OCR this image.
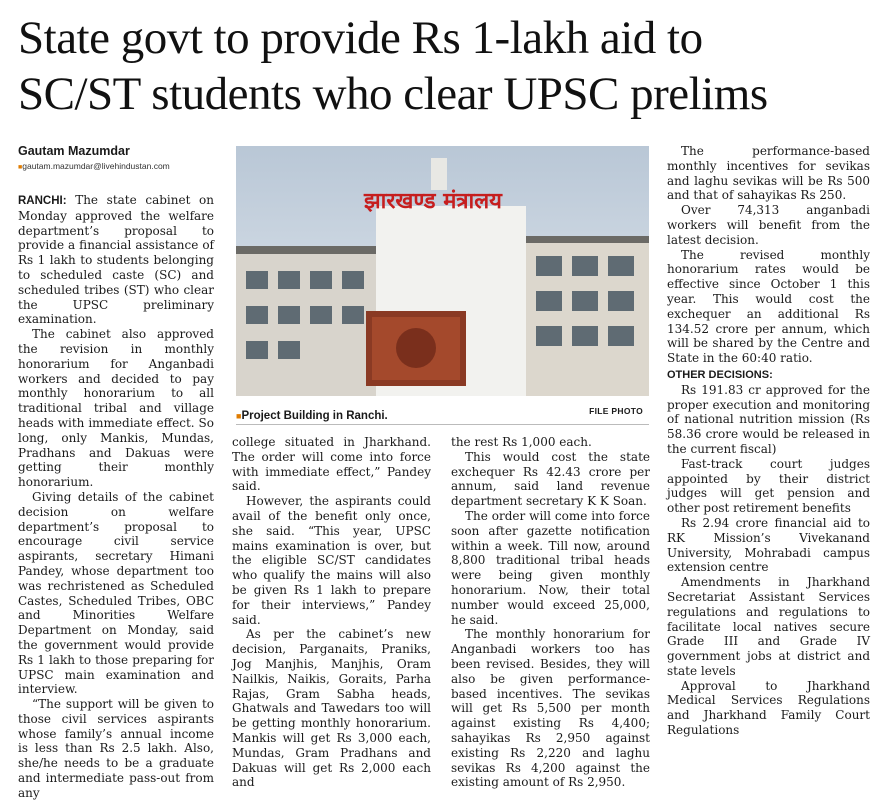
State govt to provide Rs 1-lakh aid to
SC/ST students who clear UPSC prelims
Gautam Mazumdar
■ gautam.mazumdar@livehindustan.com

RANCHI: The state cabinet on Monday approved the welfare department’s proposal to provide a financial assistance of Rs 1 lakh to students belonging to scheduled caste (SC) and scheduled tribes (ST) who clear the UPSC preliminary examination.

The cabinet also approved the revision in monthly honorarium for Anganbadi workers and decided to pay monthly honorarium to all traditional tribal and village heads with immediate effect. So long, only Mankis, Mundas, Pradhans and Dakuas were getting their monthly honorarium.

Giving details of the cabinet decision on welfare department’s proposal to encourage civil service aspirants, secretary Himani Pandey, whose department too was rechristened as Scheduled Castes, Scheduled Tribes, OBC and Minorities Welfare Department on Monday, said the government would provide Rs 1 lakh to those preparing for UPSC main examination and interview.

“The support will be given to those civil services aspirants whose family’s annual income is less than Rs 2.5 lakh. Also, she/he needs to be a graduate and intermediate pass-out from any

झारखण्ड मंत्रालय
■ Project Building in Ranchi.	FILE PHOTO

college situated in Jharkhand. The order will come into force with immediate effect,” Pandey said.

However, the aspirants could avail of the benefit only once, she said. “This year, UPSC mains examination is over, but the eligible SC/ST candidates who qualify the mains will also be given Rs 1 lakh to prepare for their interviews,” Pandey said.

As per the cabinet’s new decision, Parganaits, Praniks, Jog Manjhis, Manjhis, Oram Nailkis, Naikis, Goraits, Parha Rajas, Gram Sabha heads, Ghatwals and Tawedars too will be getting monthly honorarium. Mankis will get Rs 3,000 each, Mundas, Gram Pradhans and Dakuas will get Rs 2,000 each and

the rest Rs 1,000 each.

This would cost the state exchequer Rs 42.43 crore per annum, said land revenue department secretary K K Soan.

The order will come into force soon after gazette notification within a week. Till now, around 8,800 traditional tribal heads were being given monthly honorarium. Now, their total number would exceed 25,000, he said.

The monthly honorarium for Anganbadi workers too has been revised. Besides, they will also be given performance-based incentives. The sevikas will get Rs 5,500 per month against existing Rs 4,400; sahayikas Rs 2,950 against existing Rs 2,220 and laghu sevikas Rs 4,200 against the existing amount of Rs 2,950.

The performance-based monthly incentives for sevikas and laghu sevikas will be Rs 500 and that of sahayikas Rs 250.

Over 74,313 anganbadi workers will benefit from the latest decision.

The revised monthly honorarium rates would be effective since October 1 this year. This would cost the exchequer an additional Rs 134.52 crore per annum, which will be shared by the Centre and State in the 60:40 ratio.

OTHER DECISIONS:

Rs 191.83 cr approved for the proper execution and monitoring of national nutrition mission (Rs 58.36 crore would be released in the current fiscal)

Fast-track court judges appointed by their district judges will get pension and other post retirement benefits

Rs 2.94 crore financial aid to RK Mission’s Vivekanand University, Mohrabadi campus extension centre

Amendments in Jharkhand Secretariat Assistant Services regulations and regulations to facilitate local natives secure Grade III and Grade IV government jobs at district and state levels

Approval to Jharkhand Medical Services Regulations and Jharkhand Family Court Regulations
